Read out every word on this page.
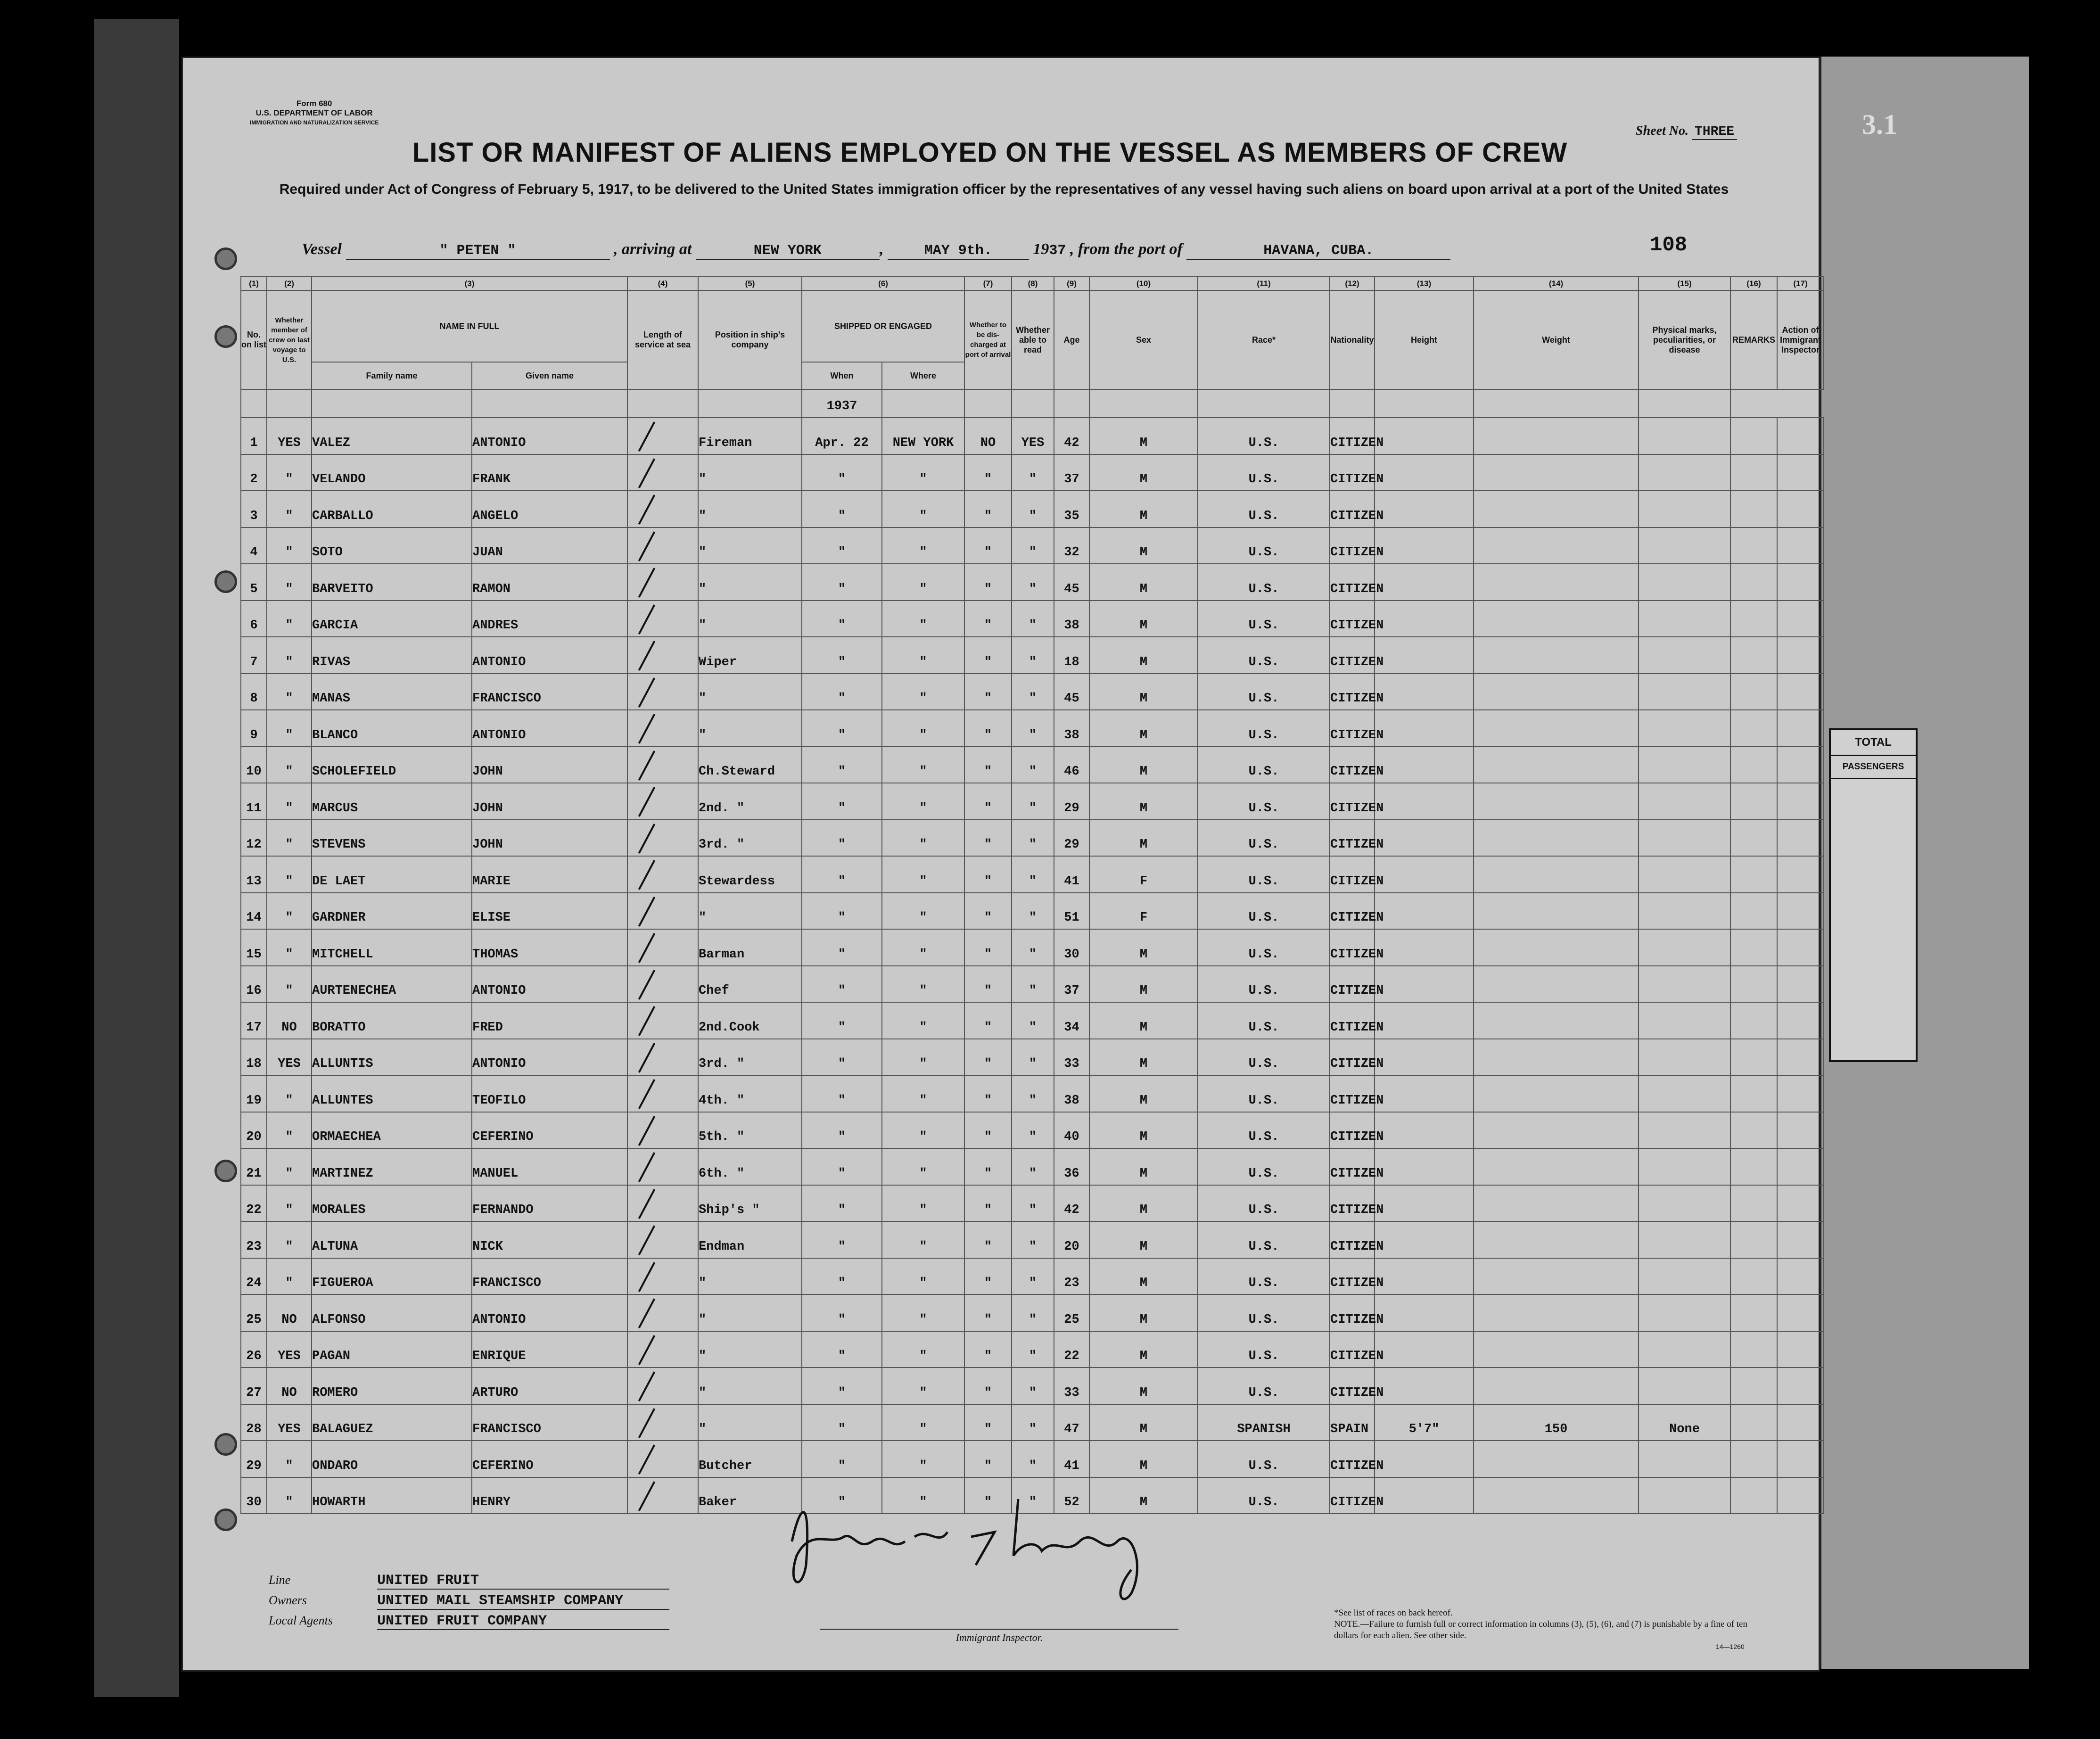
Form 680
U.S. DEPARTMENT OF LABOR
IMMIGRATION AND NATURALIZATION SERVICE
LIST OR MANIFEST OF ALIENS EMPLOYED ON THE VESSEL AS MEMBERS OF CREW
Required under Act of Congress of February 5, 1917, to be delivered to the United States immigration officer by the representatives of any vessel having such aliens on board upon arrival at a port of the United States
Sheet No. THREE	3.1
Vessel	" PETEN "	, arriving at	NEW YORK	,	MAY 9th.	1937 , from the port of	HAVANA, CUBA.	108
(1)	(2)	(3)		(4)	(5)	(6)		(7)	(8)	(9)	(10)	(11)	(12)	(13)	(14)	(15)	(16)	(17)
No. on list	Whether member of crew on last voyage to U.S.	NAME IN FULL		Length of service at sea	Position in ship's company	SHIPPED OR ENGAGED		Whether to be dis-charged at port of arrival	Whether able to read	Age	Sex	Race*	Nationality	Height	Weight	Physical marks, peculiarities, or disease	REMARKS	Action of Immigrant Inspector
		Family name	Given name			When	Where											
						1937												
1	YES	VALEZ	ANTONIO		Fireman	Apr. 22	NEW YORK	NO	YES	42	M	U.S.	CITIZEN					
2	"	VELANDO	FRANK		"	"	"	"	"	37	M	U.S.	CITIZEN					
3	"	CARBALLO	ANGELO		"	"	"	"	"	35	M	U.S.	CITIZEN					
4	"	SOTO	JUAN		"	"	"	"	"	32	M	U.S.	CITIZEN					
5	"	BARVEITO	RAMON		"	"	"	"	"	45	M	U.S.	CITIZEN					
6	"	GARCIA	ANDRES		"	"	"	"	"	38	M	U.S.	CITIZEN					
7	"	RIVAS	ANTONIO		Wiper	"	"	"	"	18	M	U.S.	CITIZEN					
8	"	MANAS	FRANCISCO		"	"	"	"	"	45	M	U.S.	CITIZEN					
9	"	BLANCO	ANTONIO		"	"	"	"	"	38	M	U.S.	CITIZEN					
10	"	SCHOLEFIELD	JOHN		Ch.Steward	"	"	"	"	46	M	U.S.	CITIZEN					
11	"	MARCUS	JOHN		2nd. "	"	"	"	"	29	M	U.S.	CITIZEN					
12	"	STEVENS	JOHN		3rd. "	"	"	"	"	29	M	U.S.	CITIZEN					
13	"	DE LAET	MARIE		Stewardess	"	"	"	"	41	F	U.S.	CITIZEN					
14	"	GARDNER	ELISE		"	"	"	"	"	51	F	U.S.	CITIZEN					
15	"	MITCHELL	THOMAS		Barman	"	"	"	"	30	M	U.S.	CITIZEN					
16	"	AURTENECHEA	ANTONIO		Chef	"	"	"	"	37	M	U.S.	CITIZEN					
17	NO	BORATTO	FRED		2nd.Cook	"	"	"	"	34	M	U.S.	CITIZEN					
18	YES	ALLUNTIS	ANTONIO		3rd. "	"	"	"	"	33	M	U.S.	CITIZEN					
19	"	ALLUNTES	TEOFILO		4th. "	"	"	"	"	38	M	U.S.	CITIZEN					
20	"	ORMAECHEA	CEFERINO		5th. "	"	"	"	"	40	M	U.S.	CITIZEN					
21	"	MARTINEZ	MANUEL		6th. "	"	"	"	"	36	M	U.S.	CITIZEN					
22	"	MORALES	FERNANDO		Ship's "	"	"	"	"	42	M	U.S.	CITIZEN					
23	"	ALTUNA	NICK		Endman	"	"	"	"	20	M	U.S.	CITIZEN					
24	"	FIGUEROA	FRANCISCO		"	"	"	"	"	23	M	U.S.	CITIZEN					
25	NO	ALFONSO	ANTONIO		"	"	"	"	"	25	M	U.S.	CITIZEN					
26	YES	PAGAN	ENRIQUE		"	"	"	"	"	22	M	U.S.	CITIZEN					
27	NO	ROMERO	ARTURO		"	"	"	"	"	33	M	U.S.	CITIZEN					
28	YES	BALAGUEZ	FRANCISCO		"	"	"	"	"	47	M	SPANISH	SPAIN	5'7"	150	None		
29	"	ONDARO	CEFERINO		Butcher	"	"	"	"	41	M	U.S.	CITIZEN					
30	"	HOWARTH	HENRY		Baker	"	"	"	"	52	M	U.S.	CITIZEN					
Line	UNITED FRUIT
Owners	UNITED MAIL STEAMSHIP COMPANY
Local Agents	UNITED FRUIT COMPANY
Immigrant Inspector.
*See list of races on back hereof.
NOTE.—Failure to furnish full or correct information in columns (3), (5), (6), and (7) is punishable by a fine of ten dollars for each alien. See other side.
14—1260
TOTAL
PASSENGERS
